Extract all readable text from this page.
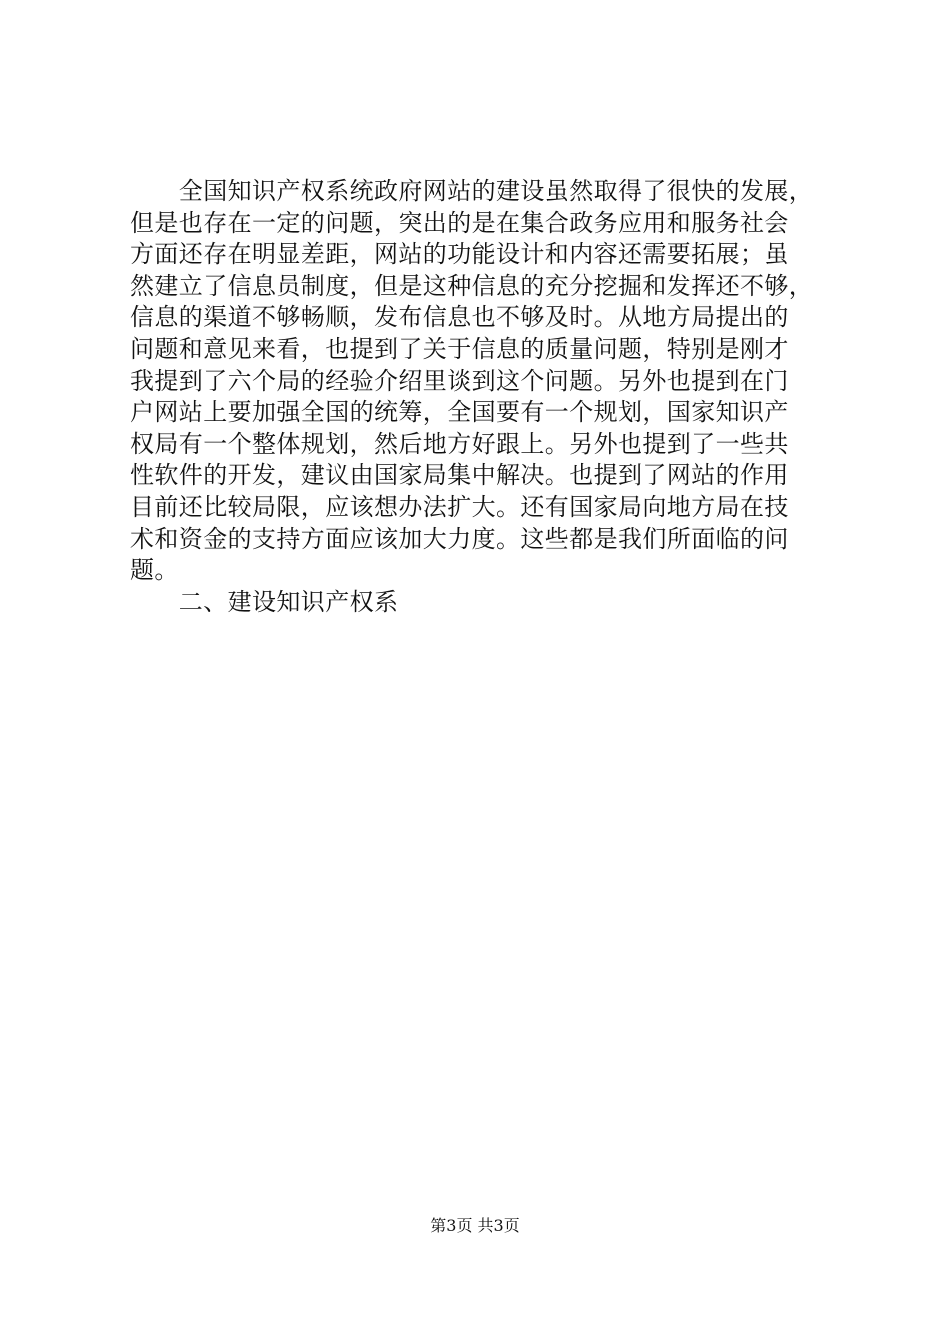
　　全国知识产权系统政府网站的建设虽然取得了很快的发展，
但是也存在一定的问题，突出的是在集合政务应用和服务社会
方面还存在明显差距，网站的功能设计和内容还需要拓展；虽
然建立了信息员制度，但是这种信息的充分挖掘和发挥还不够，
信息的渠道不够畅顺，发布信息也不够及时。从地方局提出的
问题和意见来看，也提到了关于信息的质量问题，特别是刚才
我提到了六个局的经验介绍里谈到这个问题。另外也提到在门
户网站上要加强全国的统筹，全国要有一个规划，国家知识产
权局有一个整体规划，然后地方好跟上。另外也提到了一些共
性软件的开发，建议由国家局集中解决。也提到了网站的作用
目前还比较局限，应该想办法扩大。还有国家局向地方局在技
术和资金的支持方面应该加大力度。这些都是我们所面临的问
题。
　　二、建设知识产权系
第3页 共3页
